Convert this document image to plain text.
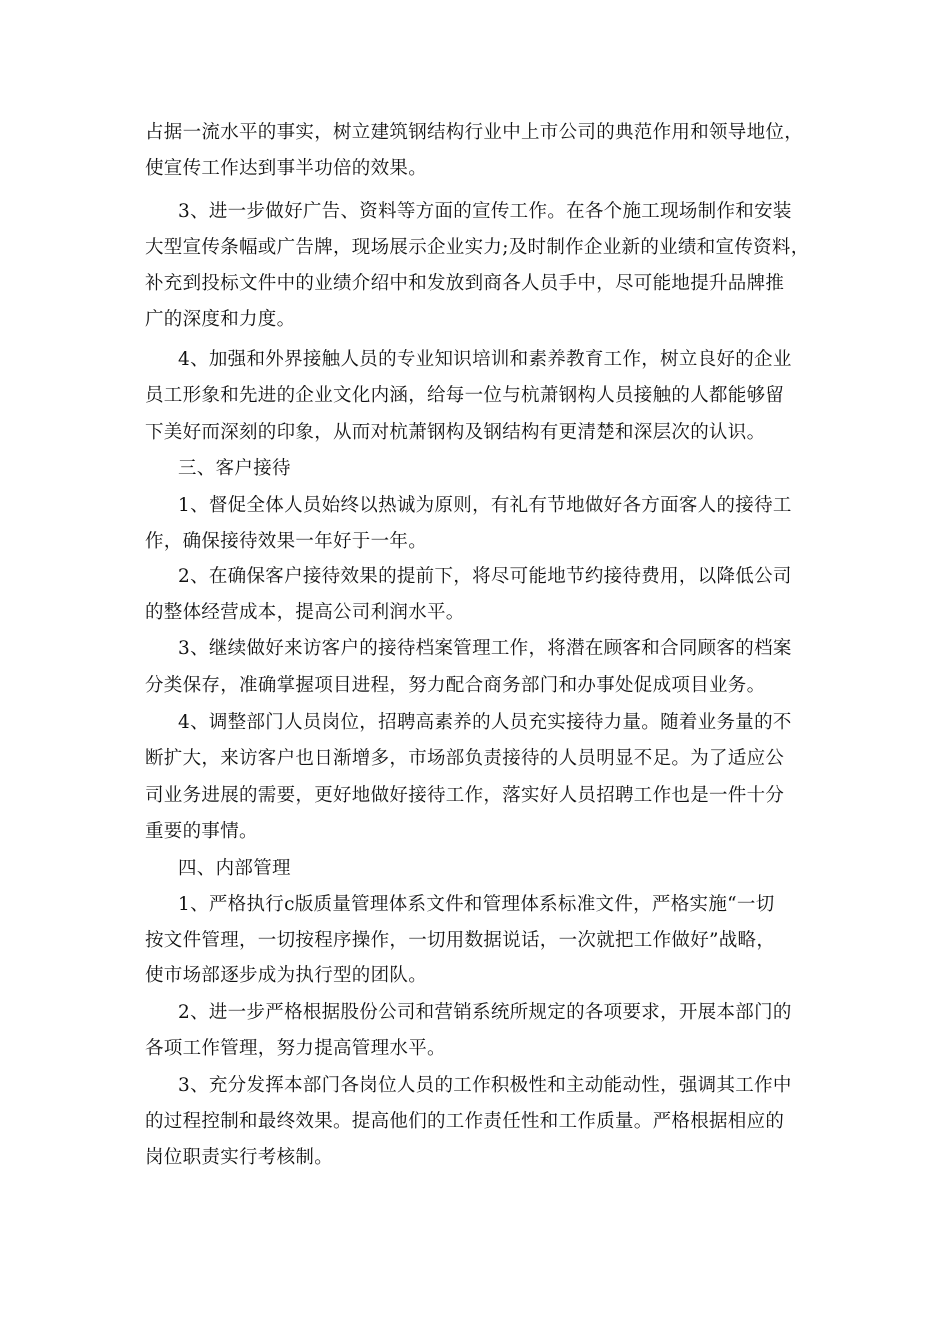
占据一流水平的事实，树立建筑钢结构行业中上市公司的典范作用和领导地位，
使宣传工作达到事半功倍的效果。
3、进一步做好广告、资料等方面的宣传工作。在各个施工现场制作和安装
大型宣传条幅或广告牌，现场展示企业实力;及时制作企业新的业绩和宣传资料，
补充到投标文件中的业绩介绍中和发放到商各人员手中，尽可能地提升品牌推
广的深度和力度。
4、加强和外界接触人员的专业知识培训和素养教育工作，树立良好的企业
员工形象和先进的企业文化内涵，给每一位与杭萧钢构人员接触的人都能够留
下美好而深刻的印象，从而对杭萧钢构及钢结构有更清楚和深层次的认识。
三、客户接待
1、督促全体人员始终以热诚为原则，有礼有节地做好各方面客人的接待工
作，确保接待效果一年好于一年。
2、在确保客户接待效果的提前下，将尽可能地节约接待费用，以降低公司
的整体经营成本，提高公司利润水平。
3、继续做好来访客户的接待档案管理工作，将潜在顾客和合同顾客的档案
分类保存，准确掌握项目进程，努力配合商务部门和办事处促成项目业务。
4、调整部门人员岗位，招聘高素养的人员充实接待力量。随着业务量的不
断扩大，来访客户也日渐增多，市场部负责接待的人员明显不足。为了适应公
司业务进展的需要，更好地做好接待工作，落实好人员招聘工作也是一件十分
重要的事情。
四、内部管理
1、严格执行c版质量管理体系文件和管理体系标准文件，严格实施“一切
按文件管理，一切按程序操作，一切用数据说话，一次就把工作做好”战略，
使市场部逐步成为执行型的团队。
2、进一步严格根据股份公司和营销系统所规定的各项要求，开展本部门的
各项工作管理，努力提高管理水平。
3、充分发挥本部门各岗位人员的工作积极性和主动能动性，强调其工作中
的过程控制和最终效果。提高他们的工作责任性和工作质量。严格根据相应的
岗位职责实行考核制。
